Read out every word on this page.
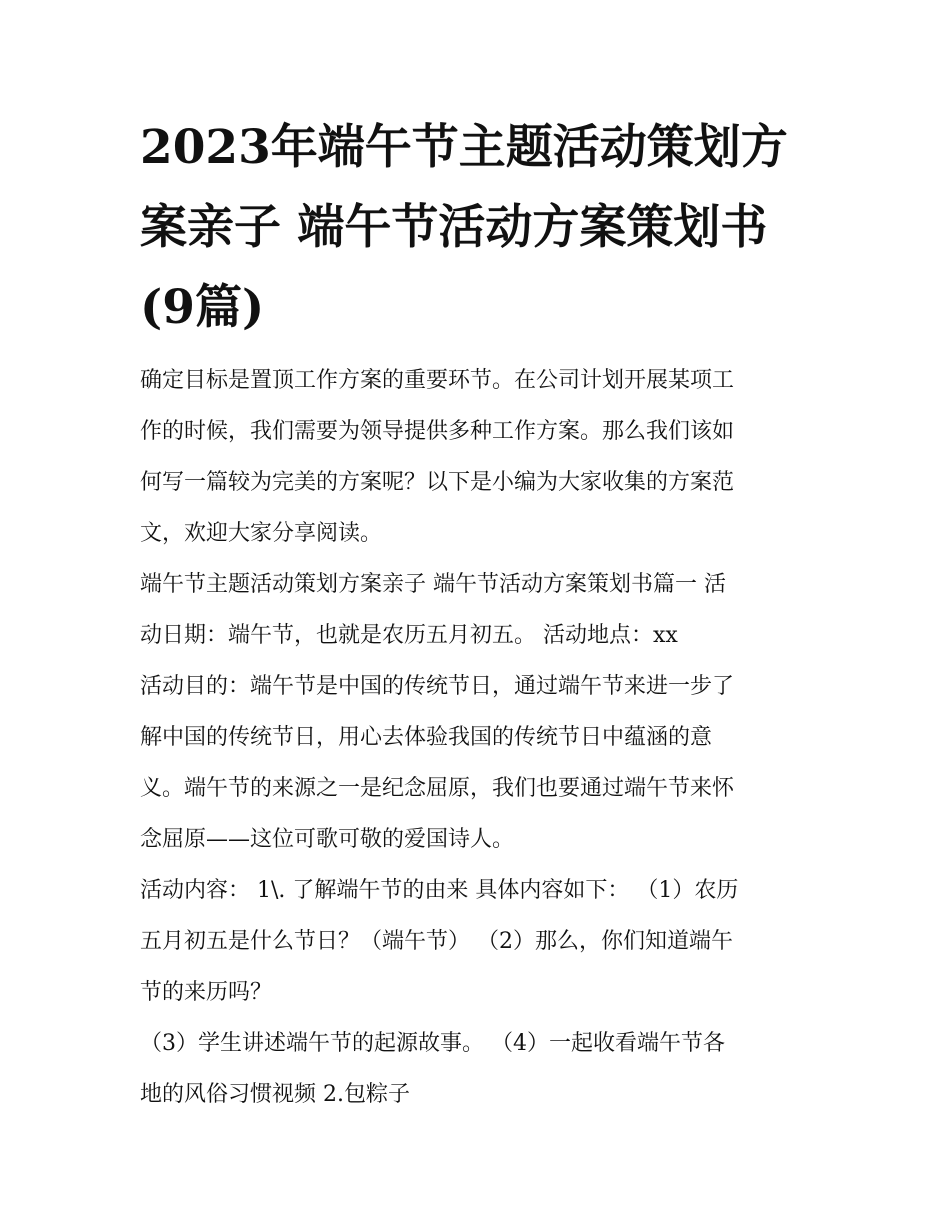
2023年端午节主题活动策划方
案亲子 端午节活动方案策划书
(9篇)
确定目标是置顶工作方案的重要环节。在公司计划开展某项工
作的时候，我们需要为领导提供多种工作方案。那么我们该如
何写一篇较为完美的方案呢？以下是小编为大家收集的方案范
文，欢迎大家分享阅读。
端午节主题活动策划方案亲子 端午节活动方案策划书篇一 活
动日期：端午节，也就是农历五月初五。 活动地点：xx
活动目的：端午节是中国的传统节日，通过端午节来进一步了
解中国的传统节日，用心去体验我国的传统节日中蕴涵的意
义。端午节的来源之一是纪念屈原，我们也要通过端午节来怀
念屈原——这位可歌可敬的爱国诗人。
活动内容： 1\. 了解端午节的由来 具体内容如下： （1）农历
五月初五是什么节日？（端午节） （2）那么，你们知道端午
节的来历吗？
（3）学生讲述端午节的起源故事。 （4）一起收看端午节各
地的风俗习惯视频 2.包粽子
